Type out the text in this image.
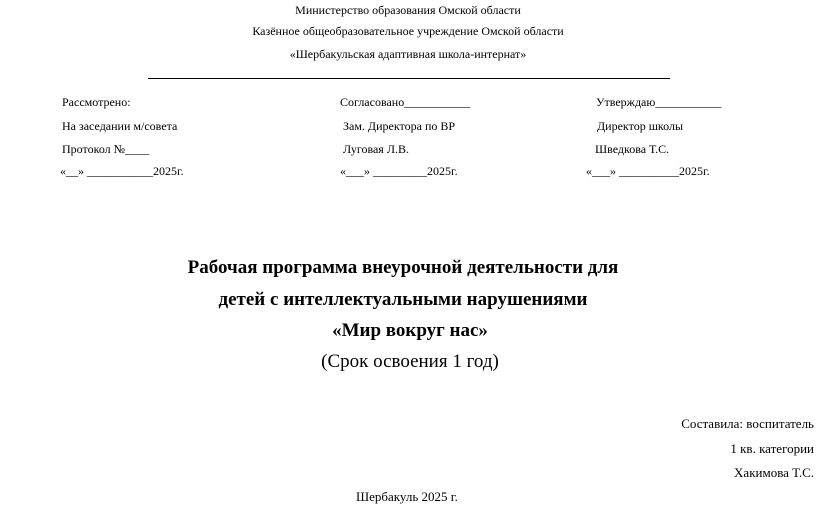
Министерство образования Омской области
Казённое общеобразовательное учреждение Омской области
«Шербакульская адаптивная школа-интернат»
Рассмотрено:
На заседании м/совета
Протокол №____
«__» ___________2025г.
Согласовано___________
Зам. Директора по ВР
Луговая Л.В.
«___» _________2025г.
Утверждаю___________
Директор школы
Шведкова Т.С.
«___» __________2025г.
Рабочая программа внеурочной деятельности для
детей с интеллектуальными нарушениями
«Мир вокруг нас»
(Срок освоения 1 год)
Составила: воспитатель
1 кв. категории
Хакимова Т.С.
Шербакуль 2025 г.
